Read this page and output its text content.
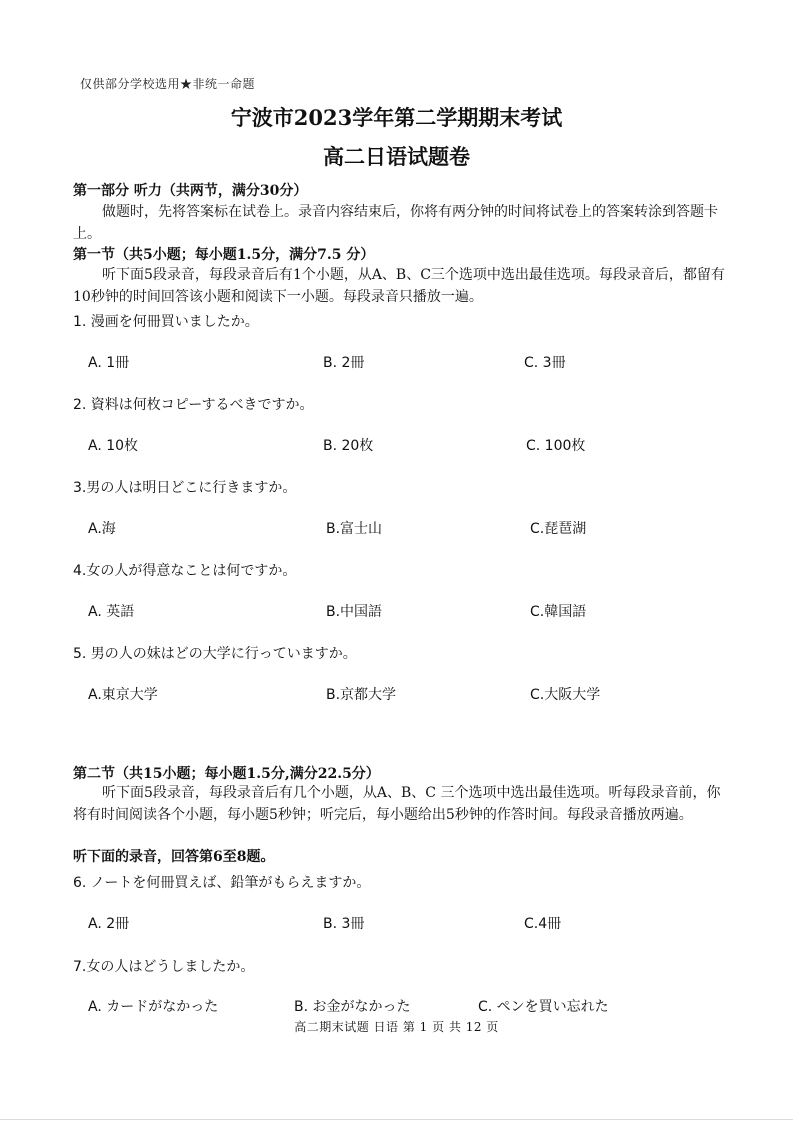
仅供部分学校选用★非统一命题
宁波市2023学年第二学期期末考试
高二日语试题卷
第一部分 听力（共两节，满分30分）
做题时，先将答案标在试卷上。录音内容结束后，你将有两分钟的时间将试卷上的答案转涂到答题卡上。
第一节（共5小题；每小题1.5分，满分7.5 分）
听下面5段录音，每段录音后有1个小题，从A、B、C三个选项中选出最佳选项。每段录音后，都留有10秒钟的时间回答该小题和阅读下一小题。每段录音只播放一遍。
1. 漫画を何冊買いましたか。
A. 1冊	B. 2冊	C. 3冊
2. 資料は何枚コピーするべきですか。
A. 10枚	B. 20枚	C. 100枚
3.男の人は明日どこに行きますか。
A.海	B.富士山	C.琵琶湖
4.女の人が得意なことは何ですか。
A. 英語	B.中国語	C.韓国語
5. 男の人の妹はどの大学に行っていますか。
A.東京大学	B.京都大学	C.大阪大学
第二节（共15小题；每小题1.5分,满分22.5分）
听下面5段录音，每段录音后有几个小题，从A、B、C 三个选项中选出最佳选项。听每段录音前，你将有时间阅读各个小题，每小题5秒钟；听完后，每小题给出5秒钟的作答时间。每段录音播放两遍。
听下面的录音，回答第6至8题。
6. ノートを何冊買えば、鉛筆がもらえますか。
A. 2冊	B. 3冊	C.4冊
7.女の人はどうしましたか。
A. カードがなかった	B. お金がなかった	C. ペンを買い忘れた
高二期末试题 日语 第 1 页 共 12 页
